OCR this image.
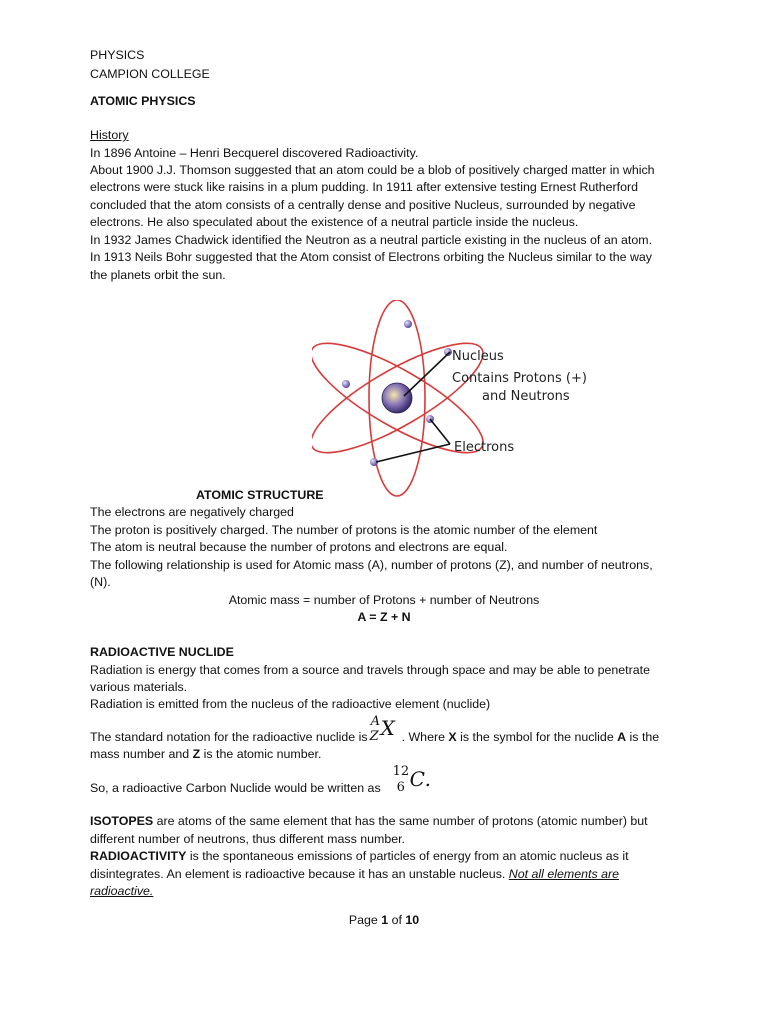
PHYSICS
CAMPION COLLEGE
ATOMIC PHYSICS
History
In 1896 Antoine – Henri Becquerel discovered Radioactivity.
About 1900 J.J. Thomson suggested that an atom could be a blob of positively charged matter in which
electrons were stuck like raisins in a plum pudding. In 1911 after extensive testing Ernest Rutherford
concluded that the atom consists of a centrally dense and positive Nucleus, surrounded by negative
electrons. He also speculated about the existence of a neutral particle inside the nucleus.
In 1932 James Chadwick identified the Neutron as a neutral particle existing in the nucleus of an atom.
In 1913 Neils Bohr suggested that the Atom consist of Electrons orbiting the Nucleus similar to the way
the planets orbit the sun.
Nucleus
Contains Protons (+)
and Neutrons
Electrons
ATOMIC STRUCTURE
The electrons are negatively charged
The proton is positively charged. The number of protons is the atomic number of the element
The atom is neutral because the number of protons and electrons are equal.
The following relationship is used for Atomic mass (A), number of protons (Z), and number of neutrons,
(N).
Atomic mass = number of Protons + number of Neutrons
A = Z + N
RADIOACTIVE NUCLIDE
Radiation is energy that comes from a source and travels through space and may be able to penetrate
various materials.
Radiation is emitted from the nucleus of the radioactive element (nuclide)
The standard notation for the radioactive nuclide is
A
Z X . Where X is the symbol for the nuclide A is the
mass number and Z is the atomic number.
So, a radioactive Carbon Nuclide would be written as
12
6 C .
ISOTOPES are atoms of the same element that has the same number of protons (atomic number) but
different number of neutrons, thus different mass number.
RADIOACTIVITY is the spontaneous emissions of particles of energy from an atomic nucleus as it
disintegrates. An element is radioactive because it has an unstable nucleus. Not all elements are
radioactive.
Page 1 of 10
